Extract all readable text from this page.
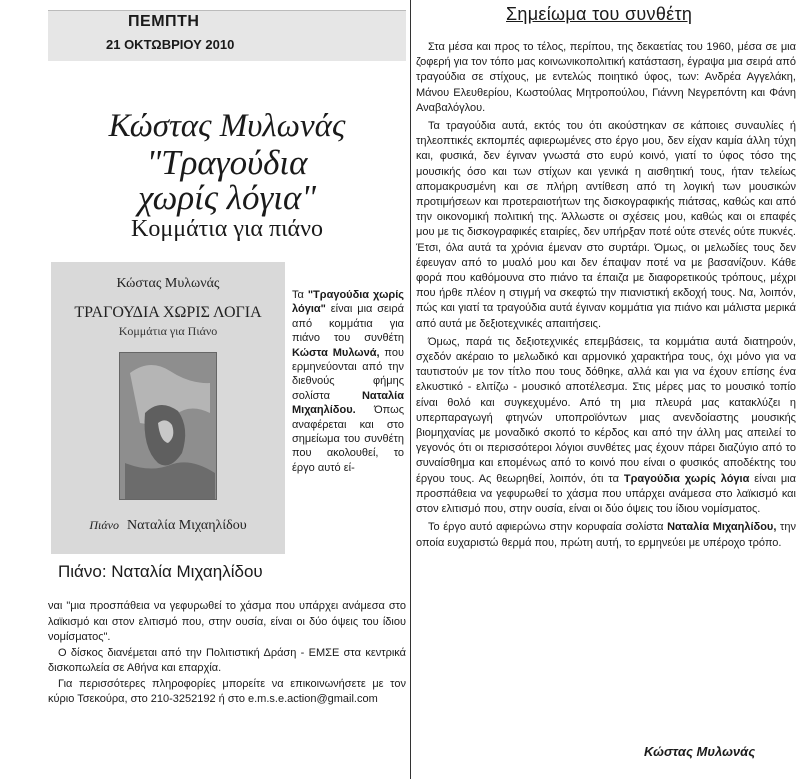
ΠΕΜΠΤΗ
21 ΟΚΤΩΒΡΙΟΥ 2010
Κώστας Μυλωνάς
"Τραγούδια
χωρίς λόγια"
Κομμάτια για πιάνο
Κώστας Μυλωνάς
ΤΡΑΓΟΥΔΙΑ ΧΩΡΙΣ ΛΟΓΙΑ
Κομμάτια για Πιάνο
Πιάνο Ναταλία Μιχαηλίδου
Πιάνο: Ναταλία Μιχαηλίδου

Τα "Τραγούδια χωρίς λόγια" είναι μια σειρά από κομμάτια για πιάνο του συνθέτη Κώστα Μυλωνά, που ερμηνεύονται από την διεθνούς φήμης σολίστα Ναταλία Μιχαηλίδου. Όπως αναφέρεται και στο σημείωμα του συνθέτη που ακολουθεί, το έργο αυτό εί-

ναι "μια προσπάθεια να γεφυρωθεί το χάσμα που υπάρχει ανάμεσα στο λαϊκισμό και στον ελιτισμό που, στην ουσία, είναι οι δύο όψεις του ίδιου νομίσματος".

Ο δίσκος διανέμεται από την Πολιτιστική Δράση - ΕΜΣΕ στα κεντρικά δισκοπωλεία σε Αθήνα και επαρχία.

Για περισσότερες πληροφορίες μπορείτε να επικοινωνήσετε με τον κύριο Τσεκούρα, στο 210-3252192 ή στο e.m.s.e.action@gmail.com

Σημείωμα του συνθέτη

Στα μέσα και προς το τέλος, περίπου, της δεκαετίας του 1960, μέσα σε μια ζοφερή για τον τόπο μας κοινωνικοπολιτική κατάσταση, έγραψα μια σειρά από τραγούδια σε στίχους, με εντελώς ποιητικό ύφος, των: Ανδρέα Αγγελάκη, Μάνου Ελευθερίου, Κωστούλας Μητροπούλου, Γιάννη Νεγρεπόντη και Φάνη Αναβαλόγλου.

Τα τραγούδια αυτά, εκτός του ότι ακούστηκαν σε κάποιες συναυλίες ή τηλεοπτικές εκπομπές αφιερωμένες στο έργο μου, δεν είχαν καμία άλλη τύχη και, φυσικά, δεν έγιναν γνωστά στο ευρύ κοινό, γιατί το ύφος τόσο της μουσικής όσο και των στίχων και γενικά η αισθητική τους, ήταν τελείως απομακρυσμένη και σε πλήρη αντίθεση από τη λογική των μουσικών προτιμήσεων και προτεραιοτήτων της δισκογραφικής πιάτσας, καθώς και από την οικονομική πολιτική της. Άλλωστε οι σχέσεις μου, καθώς και οι επαφές μου με τις δισκογραφικές εταιρίες, δεν υπήρξαν ποτέ ούτε στενές ούτε πυκνές. Έτσι, όλα αυτά τα χρόνια έμεναν στο συρτάρι. Όμως, οι μελωδίες τους δεν έφευγαν από το μυαλό μου και δεν έπαψαν ποτέ να με βασανίζουν. Κάθε φορά που καθόμουνα στο πιάνο τα έπαιζα με διαφορετικούς τρόπους, μέχρι που ήρθε πλέον η στιγμή να σκεφτώ την πιανιστική εκδοχή τους. Να, λοιπόν, πώς και γιατί τα τραγούδια αυτά έγιναν κομμάτια για πιάνο και μάλιστα μερικά από αυτά με δεξιοτεχνικές απαιτήσεις.

Όμως, παρά τις δεξιοτεχνικές επεμβάσεις, τα κομμάτια αυτά διατηρούν, σχεδόν ακέραιο το μελωδικό και αρμονικό χαρακτήρα τους, όχι μόνο για να ταυτιστούν με τον τίτλο που τους δόθηκε, αλλά και για να έχουν επίσης ένα ελκυστικό - ελιτίζω - μουσικό αποτέλεσμα. Στις μέρες μας το μουσικό τοπίο είναι θολό και συγκεχυμένο. Από τη μια πλευρά μας κατακλύζει η υπερπαραγωγή φτηνών υποπροϊόντων μιας ανενδοίαστης μουσικής βιομηχανίας με μοναδικό σκοπό το κέρδος και από την άλλη μας απειλεί το γεγονός ότι οι περισσότεροι λόγιοι συνθέτες μας έχουν πάρει διαζύγιο από το συναίσθημα και επομένως από το κοινό που είναι ο φυσικός αποδέκτης του έργου τους. Ας θεωρηθεί, λοιπόν, ότι τα Τραγούδια χωρίς λόγια είναι μια προσπάθεια να γεφυρωθεί το χάσμα που υπάρχει ανάμεσα στο λαϊκισμό και στον ελιτισμό που, στην ουσία, είναι οι δύο όψεις του ίδιου νομίσματος.

Το έργο αυτό αφιερώνω στην κορυφαία σολίστα Ναταλία Μιχαηλίδου, την οποία ευχαριστώ θερμά που, πρώτη αυτή, το ερμηνεύει με υπέροχο τρόπο.

Κώστας Μυλωνάς
